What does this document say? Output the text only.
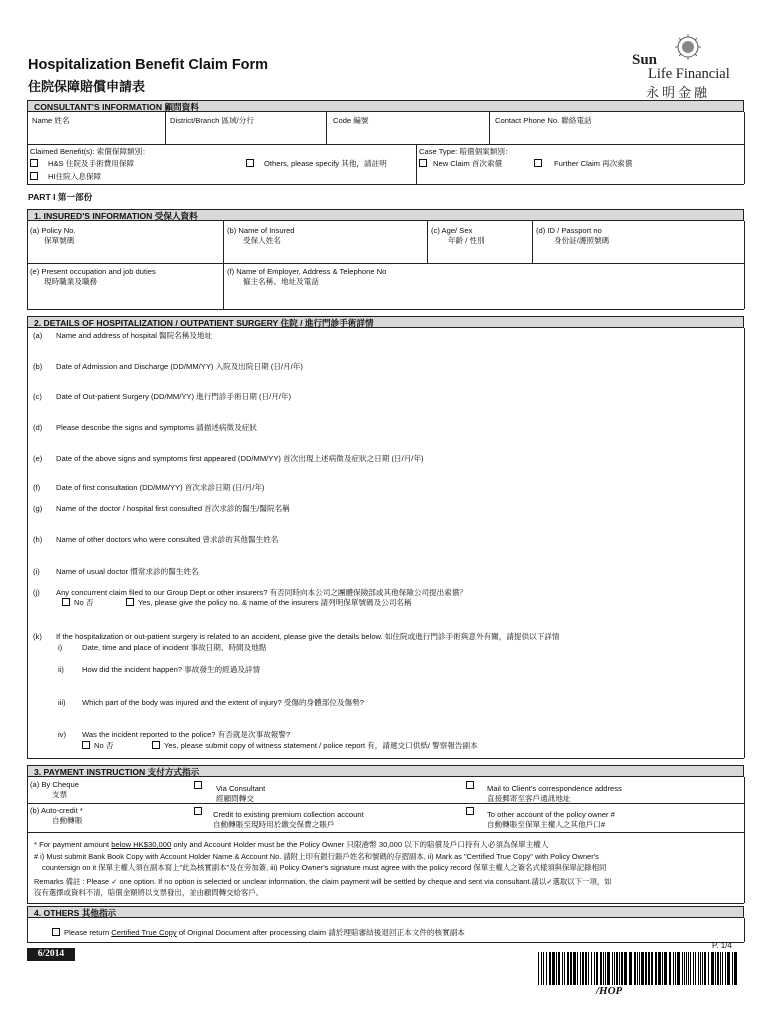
Hospitalization Benefit Claim Form
住院保障賠償申請表
Sun
Life Financial
永明金融
CONSULTANT'S INFORMATION 顧問資料
Name 姓名	District/Branch 區域/分行	Code 編號	Contact Phone No. 聯絡電話
Claimed Benefit(s): 索償保障類別：
H&S 住院及手術費用保障	Others, please specify 其他，請註明
HI住院入息保障
Case Type: 賠償個案類別：
New Claim 首次索償	Further Claim 再次索償
PART I 第一部份
1. INSURED'S INFORMATION 受保人資料
(a) Policy No.
保單號碼
(b) Name of Insured
受保人姓名
(c) Age/ Sex
年齡 / 性別
(d) ID / Passport no
身份証/護照號碼
(e) Present occupation and job duties
現時職業及職務
(f) Name of Employer, Address & Telephone No
僱主名稱、地址及電話
2. DETAILS OF HOSPITALIZATION / OUTPATIENT SURGERY 住院 / 進行門診手術詳情
(a) Name and address of hospital 醫院名稱及地址
(b) Date of Admission and Discharge (DD/MM/YY) 入院及出院日期 (日/月/年)
(c) Date of Out-patient Surgery (DD/MM/YY) 進行門診手術日期 (日/月/年)
(d) Please describe the signs and symptoms 請描述病徵及症狀
(e) Date of the above signs and symptoms first appeared (DD/MM/YY) 首次出現上述病徵及症狀之日期 (日/月/年)
(f) Date of first consultation (DD/MM/YY) 首次求診日期 (日/月/年)
(g) Name of the doctor / hospital first consulted 首次求診的醫生/醫院名稱
(h) Name of other doctors who were consulted 曾求診的其他醫生姓名
(i) Name of usual doctor 慣常求診的醫生姓名
(j) Any concurrent claim filed to our Group Dept or other insurers? 有否同時向本公司之團體保險部或其他保險公司提出索償？
No 否	Yes, please give the policy no. & name of the insurers 請列明保單號碼及公司名稱
(k) If the hospitalization or out-patient surgery is related to an accident, please give the details below. 如住院或進行門診手術與意外有關，請提供以下詳情
i)	Date, time and place of incident 事故日期、時間及地點
ii) How did the incident happen? 事故發生的經過及詳情
iii) Which part of the body was injured and the extent of injury? 受傷的身體部位及傷勢?
iv) Was the incident reported to the police? 有否就是次事故報警?
No 否	Yes, please submit copy of witness statement / police report 有，請遞交口供紙/ 警察報告副本
3. PAYMENT INSTRUCTION 支付方式指示
(a) By Cheque
支票
Via Consultant
經顧問轉交
Mail to Client's correspondence address
直接郵寄至客戶通訊地址
(b) Auto-credit *
自動轉賬
Credit to existing premium collection account
自動轉賬至現時用於繳交保費之賬戶
To other account of the policy owner #
自動轉賬至保單主權人之其他戶口#
* For payment amount below HK$30,000 only and Account Holder must be the Policy Owner 只限港幣 30,000 以下的賠償及戶口持有人必須為保單主權人
# i) Must submit Bank Book Copy with Account Holder Name & Account No. 請附上印有銀行賬戶姓名和號碼的存摺副本, ii) Mark as "Certified True Copy" with Policy Owner's
countersign on it 保單主權人須在副本寫上"此為核實副本"及在旁加簽, iii) Policy Owner's signature must agree with the policy record 保單主權人之簽名式樣須與保單記錄相同
Remarks 備註 : Please ✓ one option. If no option is selected or unclear information, the claim payment will be settled by cheque and sent via consultant.請以✓選取以下一項，如
沒有選擇或資料不清，賠償金額將以支票發出，並由顧問轉交給客戶。
4. OTHERS 其他指示
Please return Certified True Copy of Original Document after processing claim 請於理賠審結後退回正本文件的核實副本
6/2014
P. 1/4
/HOP
